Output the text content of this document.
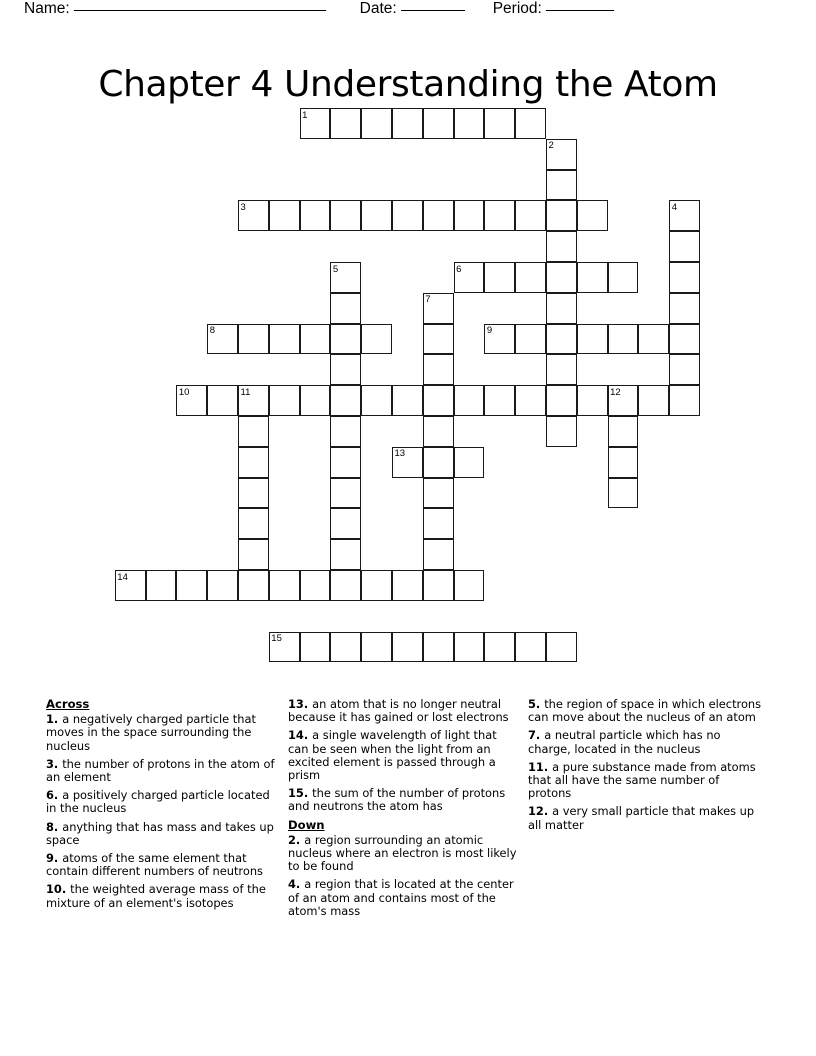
Name:	Date:	Period:
Chapter 4 Understanding the Atom
1
2
3	4
5	6
7
8	9
10	11	12
13
14
15
Across
1. a negatively charged particle that moves in the space surrounding the nucleus
3. the number of protons in the atom of an element
6. a positively charged particle located in the nucleus
8. anything that has mass and takes up space
9. atoms of the same element that contain different numbers of neutrons
10. the weighted average mass of the mixture of an element's isotopes
13. an atom that is no longer neutral because it has gained or lost electrons
14. a single wavelength of light that can be seen when the light from an excited element is passed through a prism
15. the sum of the number of protons and neutrons the atom has
Down
2. a region surrounding an atomic nucleus where an electron is most likely to be found
4. a region that is located at the center of an atom and contains most of the atom's mass
5. the region of space in which electrons can move about the nucleus of an atom
7. a neutral particle which has no charge, located in the nucleus
11. a pure substance made from atoms that all have the same number of protons
12. a very small particle that makes up all matter
